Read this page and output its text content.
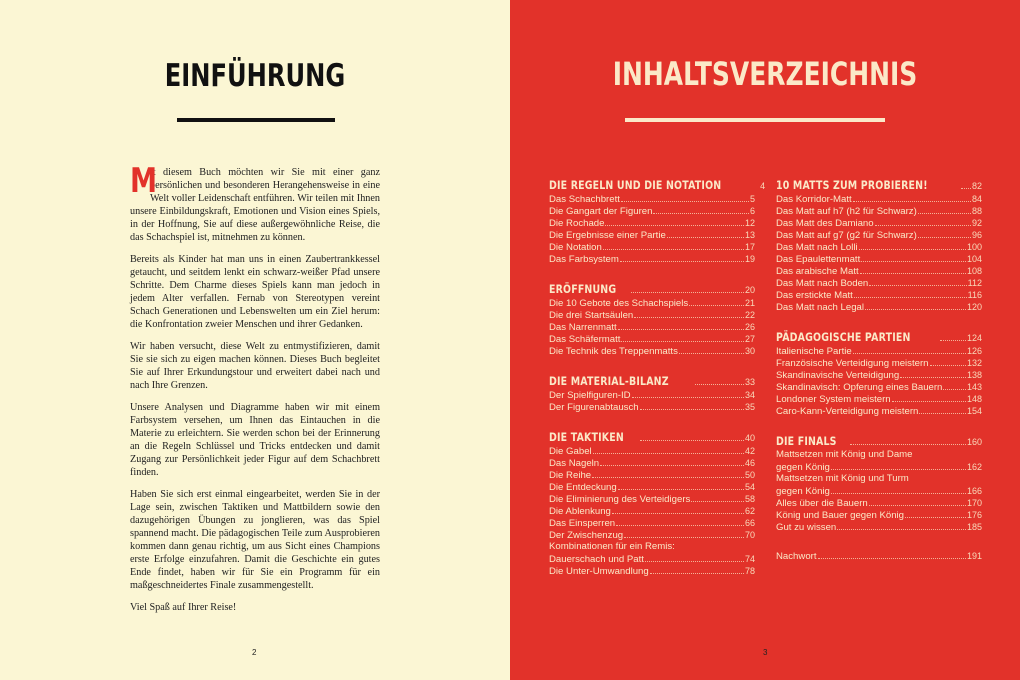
EINFÜHRUNG

M
it diesem Buch möchten wir Sie mit einer ganz persönlichen und besonderen Herangehensweise in eine Welt voller Leidenschaft entführen. Wir teilen mit Ihnen unsere Einbildungskraft, Emotionen und Vision eines Spiels, in der Hoffnung, Sie auf diese außergewöhnliche Reise, die das Schachspiel ist, mitnehmen zu können.

Bereits als Kinder hat man uns in einen Zaubertrankkessel getaucht, und seitdem lenkt ein schwarz-weißer Pfad unsere Schritte. Dem Charme dieses Spiels kann man jedoch in jedem Alter verfallen. Fernab von Stereotypen vereint Schach Generationen und Lebenswelten um ein Ziel herum: die Konfrontation zweier Menschen und ihrer Gedanken.

Wir haben versucht, diese Welt zu entmystifizieren, damit Sie sie sich zu eigen machen können. Dieses Buch begleitet Sie auf Ihrer Erkundungstour und erweitert dabei nach und nach Ihre Grenzen.

Unsere Analysen und Diagramme haben wir mit einem Farbsystem versehen, um Ihnen das Eintauchen in die Materie zu erleichtern. Sie werden schon bei der Erinnerung an die Regeln Schlüssel und Tricks entdecken und damit Zugang zur Persönlichkeit jeder Figur auf dem Schachbrett finden.

Haben Sie sich erst einmal eingearbeitet, werden Sie in der Lage sein, zwischen Taktiken und Mattbildern sowie den dazugehörigen Übungen zu jonglieren, was das Spiel spannend macht. Die pädagogischen Teile zum Ausprobieren kommen dann genau richtig, um aus Sicht eines Champions erste Erfolge einzufahren. Damit die Geschichte ein gutes Ende findet, haben wir für Sie ein Programm für ein maßgeschneidertes Finale zusammengestellt.

Viel Spaß auf Ihrer Reise!

2
INHALTSVERZEICHNIS
DIE REGELN UND DIE NOTATION	4
Das Schachbrett	5
Die Gangart der Figuren	6
Die Rochade	12
Die Ergebnisse einer Partie	13
Die Notation	17
Das Farbsystem	19
ERÖFFNUNG	20
Die 10 Gebote des Schachspiels	21
Die drei Startsäulen	22
Das Narrenmatt	26
Das Schäfermatt	27
Die Technik des Treppenmatts	30
DIE MATERIAL-BILANZ	33
Der Spielfiguren-ID	34
Der Figurenabtausch	35
DIE TAKTIKEN	40
Die Gabel	42
Das Nageln	46
Die Reihe	50
Die Entdeckung	54
Die Eliminierung des Verteidigers	58
Die Ablenkung	62
Das Einsperren	66
Der Zwischenzug	70
Kombinationen für ein Remis:
Dauerschach und Patt	74
Die Unter-Umwandlung	78
10 MATTS ZUM PROBIEREN!	82
Das Korridor-Matt	84
Das Matt auf h7 (h2 für Schwarz)	88
Das Matt des Damiano	92
Das Matt auf g7 (g2 für Schwarz)	96
Das Matt nach Lolli	100
Das Epaulettenmatt	104
Das arabische Matt	108
Das Matt nach Boden	112
Das erstickte Matt	116
Das Matt nach Legal	120
PÄDAGOGISCHE PARTIEN	124
Italienische Partie	126
Französische Verteidigung meistern	132
Skandinavische Verteidigung	138
Skandinavisch: Opferung eines Bauern	143
Londoner System meistern	148
Caro-Kann-Verteidigung meistern	154
DIE FINALS	160
Mattsetzen mit König und Dame
gegen König	162
Mattsetzen mit König und Turm
gegen König	166
Alles über die Bauern	170
König und Bauer gegen König	176
Gut zu wissen	185
Nachwort	191
3
